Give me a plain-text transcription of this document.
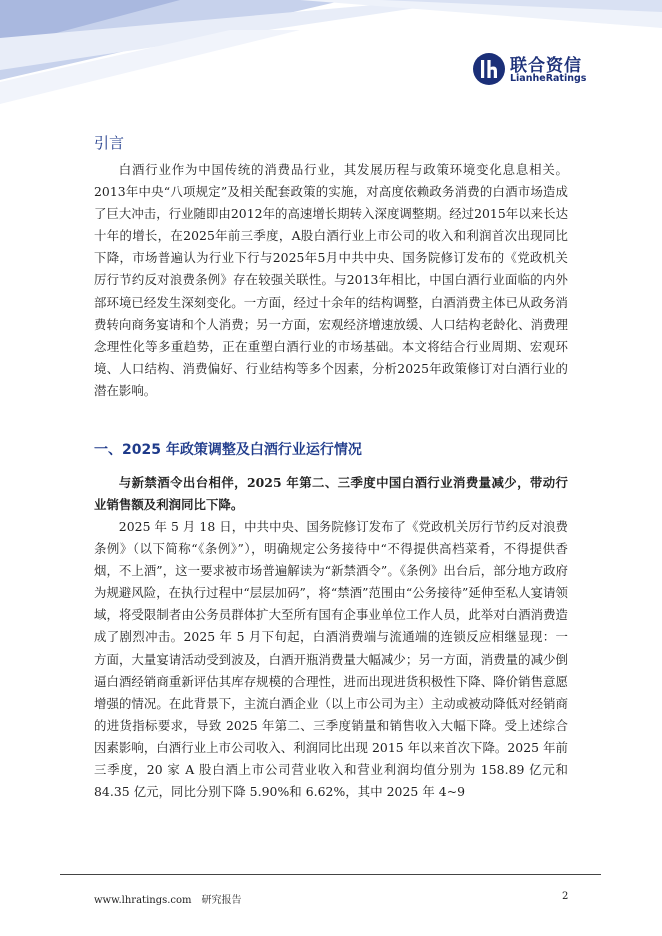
联合资信
LianheRatings
引言

白酒行业作为中国传统的消费品行业，其发展历程与政策环境变化息息相关。2013年中央“八项规定”及相关配套政策的实施，对高度依赖政务消费的白酒市场造成了巨大冲击，行业随即由2012年的高速增长期转入深度调整期。经过2015年以来长达十年的增长，在2025年前三季度，A股白酒行业上市公司的收入和利润首次出现同比下降，市场普遍认为行业下行与2025年5月中共中央、国务院修订发布的《党政机关厉行节约反对浪费条例》存在较强关联性。与2013年相比，中国白酒行业面临的内外部环境已经发生深刻变化。一方面，经过十余年的结构调整，白酒消费主体已从政务消费转向商务宴请和个人消费；另一方面，宏观经济增速放缓、人口结构老龄化、消费理念理性化等多重趋势，正在重塑白酒行业的市场基础。本文将结合行业周期、宏观环境、人口结构、消费偏好、行业结构等多个因素，分析2025年政策修订对白酒行业的潜在影响。

一、2025 年政策调整及白酒行业运行情况

与新禁酒令出台相伴，2025 年第二、三季度中国白酒行业消费量减少，带动行业销售额及利润同比下降。

2025 年 5 月 18 日，中共中央、国务院修订发布了《党政机关厉行节约反对浪费条例》（以下简称“《条例》”），明确规定公务接待中“不得提供高档菜肴，不得提供香烟，不上酒”，这一要求被市场普遍解读为“新禁酒令”。《条例》出台后，部分地方政府为规避风险，在执行过程中“层层加码”，将“禁酒”范围由“公务接待”延伸至私人宴请领域，将受限制者由公务员群体扩大至所有国有企事业单位工作人员，此举对白酒消费造成了剧烈冲击。2025 年 5 月下旬起，白酒消费端与流通端的连锁反应相继显现：一方面，大量宴请活动受到波及，白酒开瓶消费量大幅减少；另一方面，消费量的减少倒逼白酒经销商重新评估其库存规模的合理性，进而出现进货积极性下降、降价销售意愿增强的情况。在此背景下，主流白酒企业（以上市公司为主）主动或被动降低对经销商的进货指标要求，导致 2025 年第二、三季度销量和销售收入大幅下降。受上述综合因素影响，白酒行业上市公司收入、利润同比出现 2015 年以来首次下降。2025 年前三季度，20 家 A 股白酒上市公司营业收入和营业利润均值分别为 158.89 亿元和 84.35 亿元，同比分别下降 5.90%和 6.62%，其中 2025 年 4~9

www.lhratings.com　研究报告	2
